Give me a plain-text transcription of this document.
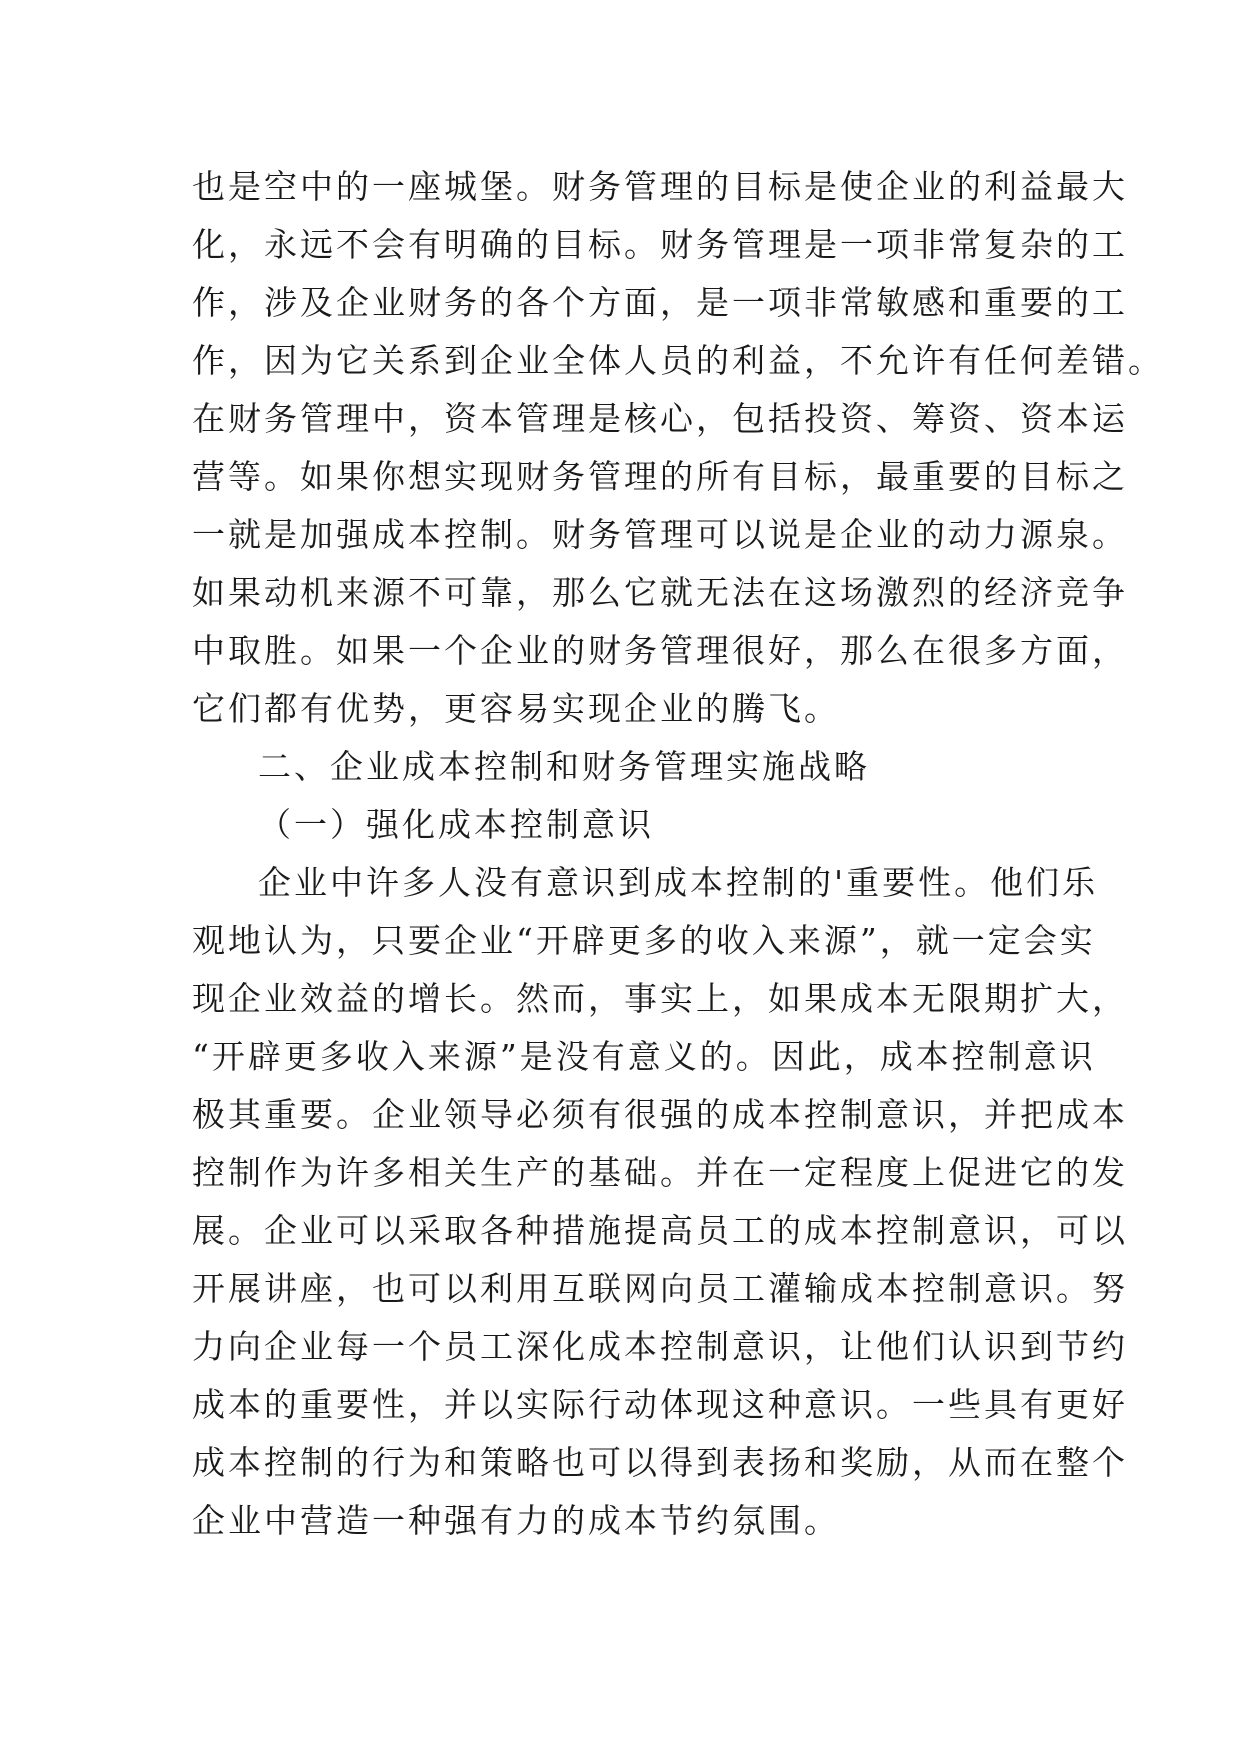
也是空中的一座城堡。财务管理的目标是使企业的利益最大
化，永远不会有明确的目标。财务管理是一项非常复杂的工
作，涉及企业财务的各个方面，是一项非常敏感和重要的工
作，因为它关系到企业全体人员的利益，不允许有任何差错。
在财务管理中，资本管理是核心，包括投资、筹资、资本运
营等。如果你想实现财务管理的所有目标，最重要的目标之
一就是加强成本控制。财务管理可以说是企业的动力源泉。
如果动机来源不可靠，那么它就无法在这场激烈的经济竞争
中取胜。如果一个企业的财务管理很好，那么在很多方面，
它们都有优势，更容易实现企业的腾飞。
二、企业成本控制和财务管理实施战略
（一）强化成本控制意识
企业中许多人没有意识到成本控制的'重要性。他们乐
观地认为，只要企业“开辟更多的收入来源”，就一定会实
现企业效益的增长。然而，事实上，如果成本无限期扩大，
“开辟更多收入来源”是没有意义的。因此，成本控制意识
极其重要。企业领导必须有很强的成本控制意识，并把成本
控制作为许多相关生产的基础。并在一定程度上促进它的发
展。企业可以采取各种措施提高员工的成本控制意识，可以
开展讲座，也可以利用互联网向员工灌输成本控制意识。努
力向企业每一个员工深化成本控制意识，让他们认识到节约
成本的重要性，并以实际行动体现这种意识。一些具有更好
成本控制的行为和策略也可以得到表扬和奖励，从而在整个
企业中营造一种强有力的成本节约氛围。
